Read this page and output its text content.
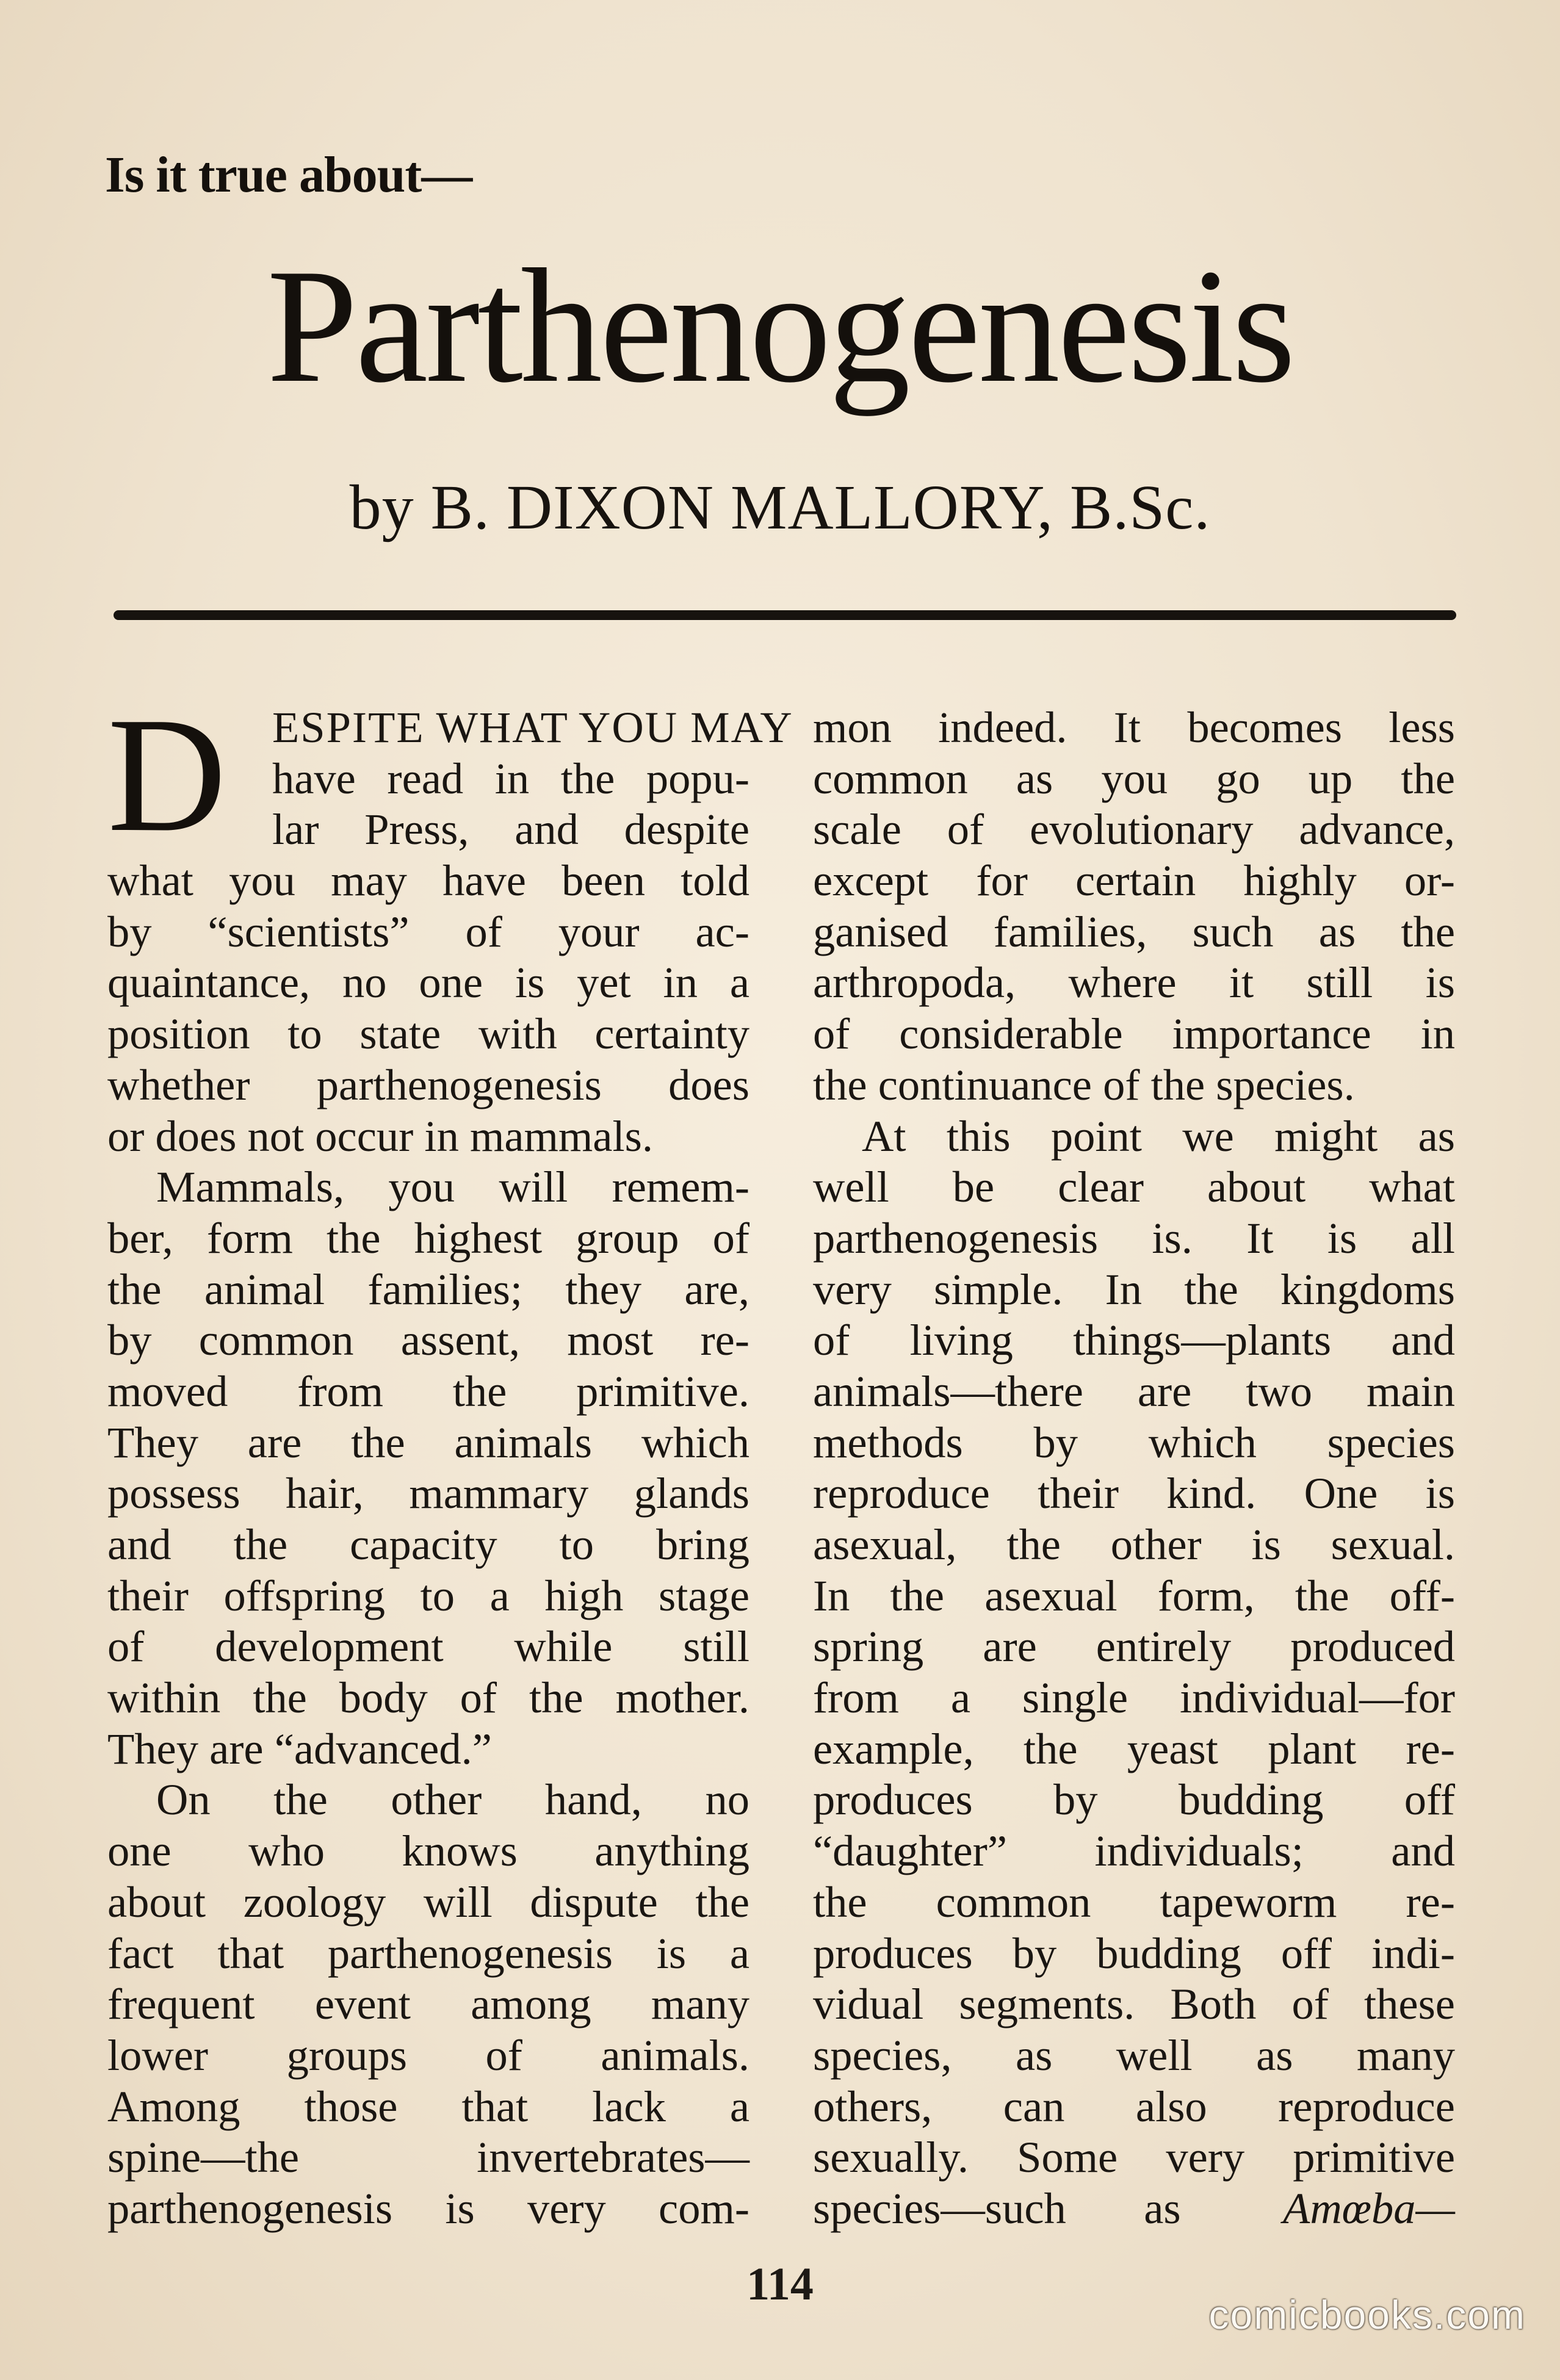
Is it true about—
Parthenogenesis
by B. DIXON MALLORY, B.Sc.
D	ESPITE WHAT YOU MAY
have read in the popu-
lar Press, and despite
what you may have been told
by “scientists” of your ac-
quaintance, no one is yet in a
position to state with certainty
whether parthenogenesis does
or does not occur in mammals.
Mammals, you will remem-
ber, form the highest group of
the animal families; they are,
by common assent, most re-
moved from the primitive.
They are the animals which
possess hair, mammary glands
and the capacity to bring
their offspring to a high stage
of development while still
within the body of the mother.
They are “advanced.”
On the other hand, no
one who knows anything
about zoology will dispute the
fact that parthenogenesis is a
frequent event among many
lower groups of animals.
Among those that lack a
spine—the invertebrates—
parthenogenesis is very com-
mon indeed. It becomes less
common as you go up the
scale of evolutionary advance,
except for certain highly or-
ganised families, such as the
arthropoda, where it still is
of considerable importance in
the continuance of the species.
At this point we might as
well be clear about what
parthenogenesis is. It is all
very simple. In the kingdoms
of living things—plants and
animals—there are two main
methods by which species
reproduce their kind. One is
asexual, the other is sexual.
In the asexual form, the off-
spring are entirely produced
from a single individual—for
example, the yeast plant re-
produces by budding off
“daughter” individuals; and
the common tapeworm re-
produces by budding off indi-
vidual segments. Both of these
species, as well as many
others, can also reproduce
sexually. Some very primitive
species—such as Amœba—
114
comicbooks.com
